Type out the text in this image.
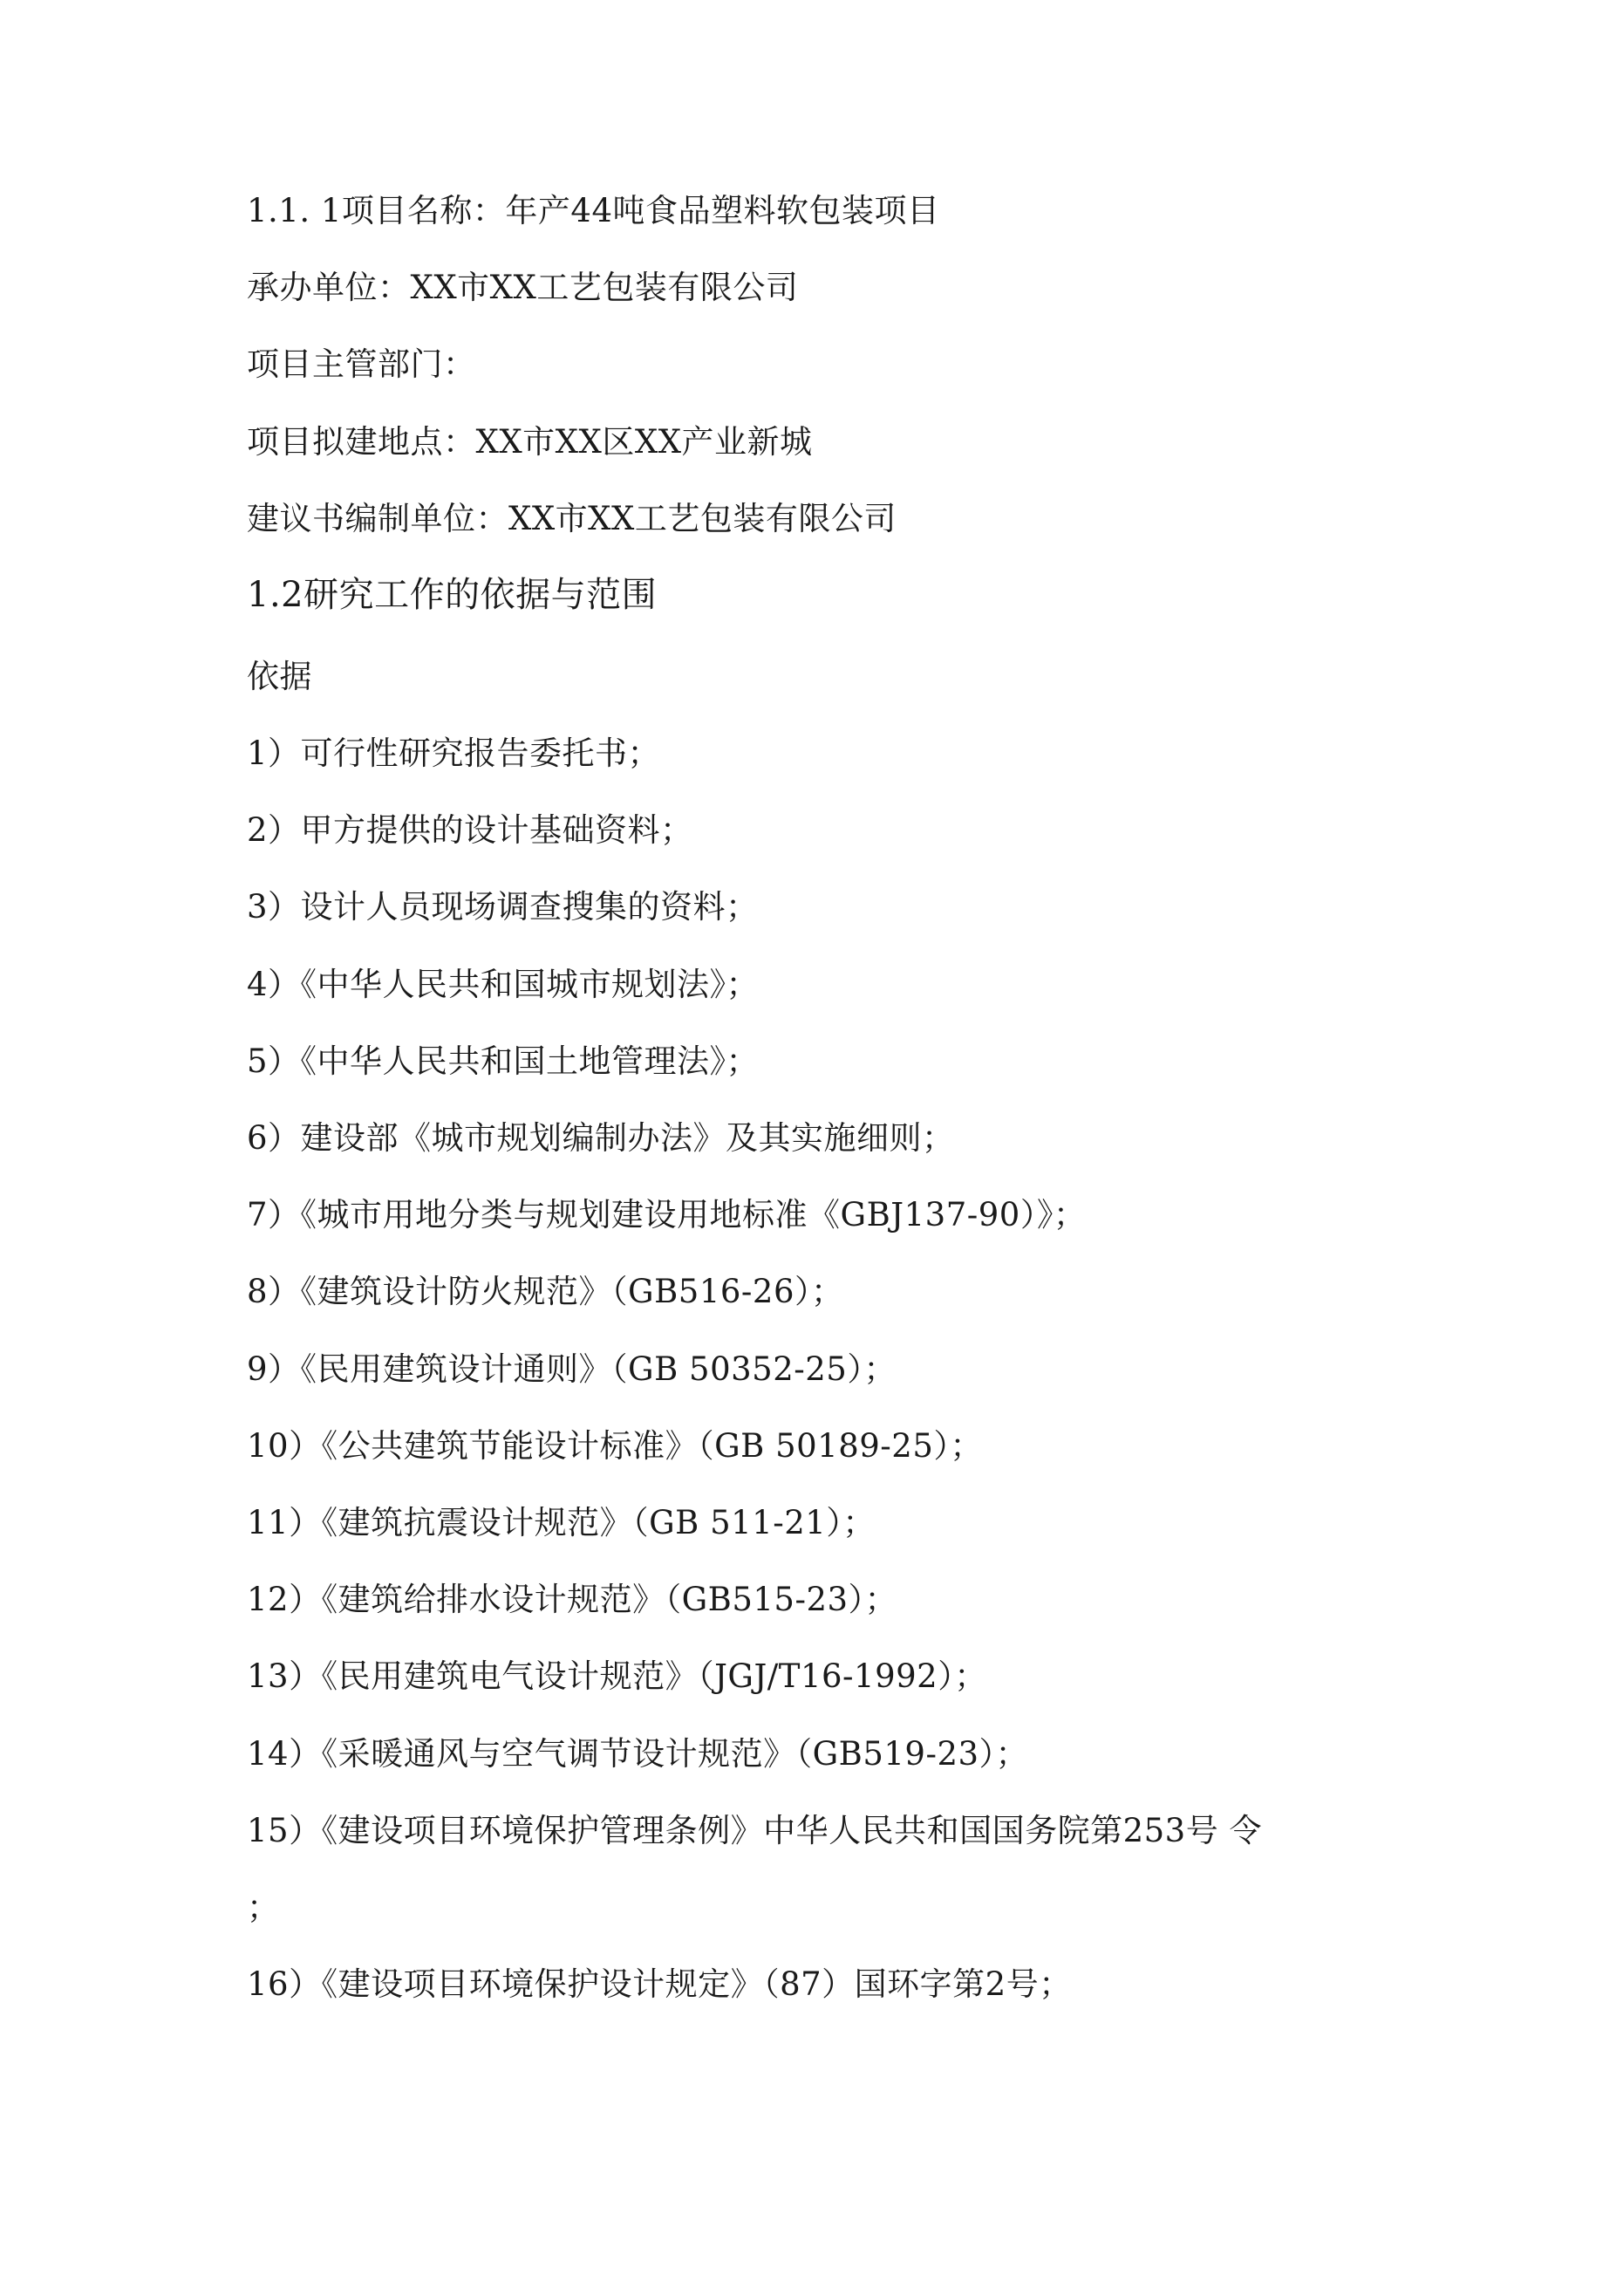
1.1. 1项目名称：年产44吨食品塑料软包装项目
承办单位：XX市XX工艺包装有限公司
项目主管部门：
项目拟建地点：XX市XX区XX产业新城
建议书编制单位：XX市XX工艺包装有限公司
1.2研究工作的依据与范围
依据
1）可行性研究报告委托书；
2）甲方提供的设计基础资料；
3）设计人员现场调查搜集的资料；
4）《中华人民共和国城市规划法》；
5）《中华人民共和国土地管理法》；
6）建设部《城市规划编制办法》及其实施细则；
7）《城市用地分类与规划建设用地标准《GBJ137-90）》；
8）《建筑设计防火规范》（GB516-26）；
9）《民用建筑设计通则》（GB 50352-25）；
10）《公共建筑节能设计标准》（GB 50189-25）；
11）《建筑抗震设计规范》（GB 511-21）；
12）《建筑给排水设计规范》（GB515-23）；
13）《民用建筑电气设计规范》（JGJ/T16-1992）；
14）《采暖通风与空气调节设计规范》（GB519-23）；
15）《建设项目环境保护管理条例》中华人民共和国国务院第253号 令
；
16）《建设项目环境保护设计规定》（87）国环字第2号；
